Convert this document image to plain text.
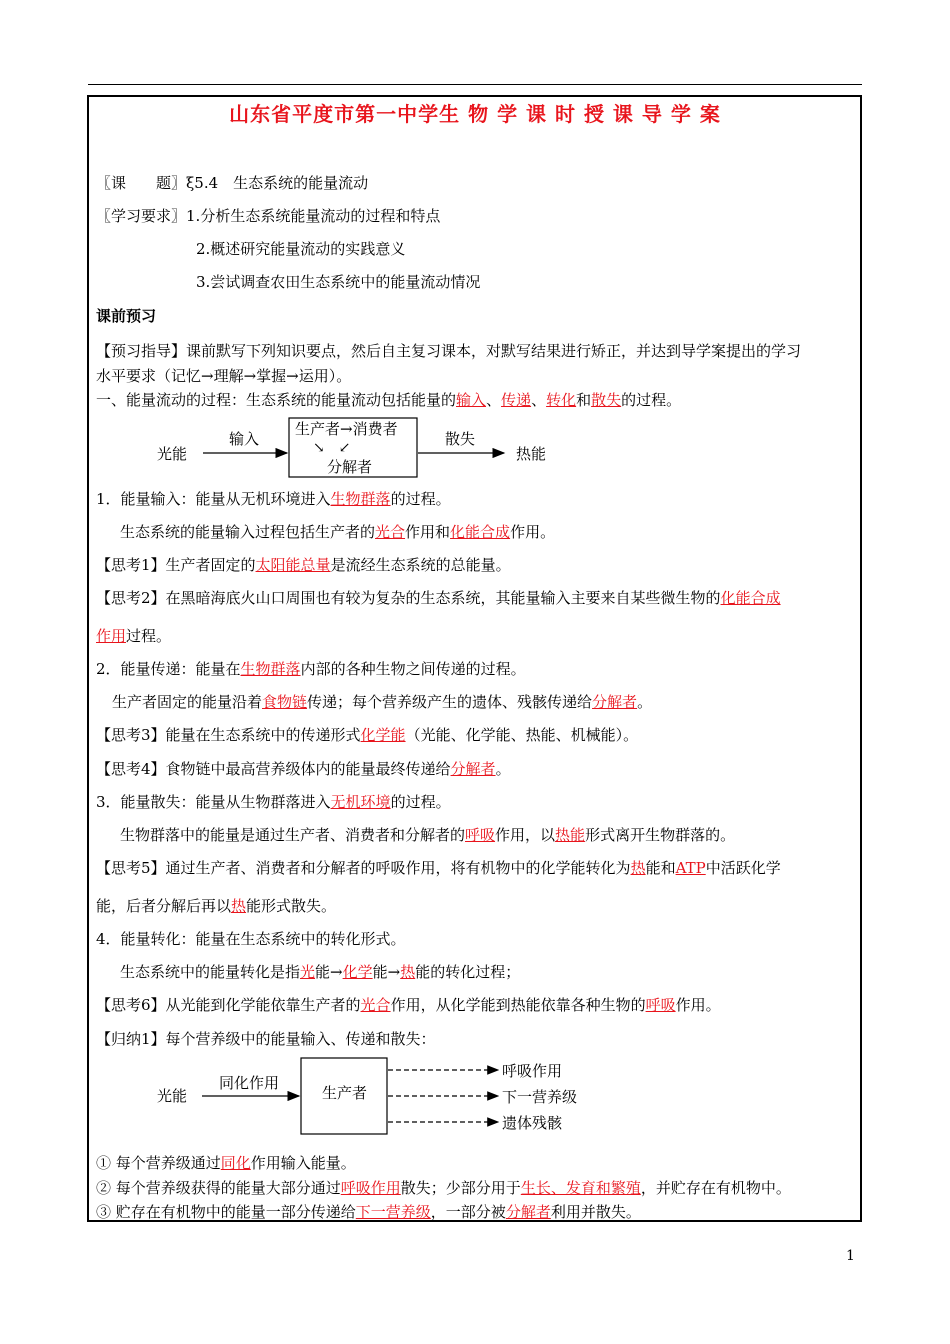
山东省平度市第一中学生 物 学 课 时 授 课 导 学 案
〖课　　题〗ξ5.4　生态系统的能量流动
〖学习要求〗1.分析生态系统能量流动的过程和特点
2.概述研究能量流动的实践意义
3.尝试调查农田生态系统中的能量流动情况
课前预习
【预习指导】课前默写下列知识要点，然后自主复习课本，对默写结果进行矫正，并达到导学案提出的学习
水平要求（记忆→理解→掌握→运用）。
一、能量流动的过程：生态系统的能量流动包括能量的输入、传递、转化和散失的过程。
光能
输入
生产者→消费者
↘　↙
分解者
散失
热能
光能
同化作用
生产者
呼吸作用
下一营养级
遗体残骸
1．能量输入：能量从无机环境进入生物群落的过程。
生态系统的能量输入过程包括生产者的光合作用和化能合成作用。
【思考1】生产者固定的太阳能总量是流经生态系统的总能量。
【思考2】在黑暗海底火山口周围也有较为复杂的生态系统，其能量输入主要来自某些微生物的化能合成
作用过程。
2．能量传递：能量在生物群落内部的各种生物之间传递的过程。
生产者固定的能量沿着食物链传递；每个营养级产生的遗体、残骸传递给分解者。
【思考3】能量在生态系统中的传递形式化学能（光能、化学能、热能、机械能）。
【思考4】食物链中最高营养级体内的能量最终传递给分解者。
3．能量散失：能量从生物群落进入无机环境的过程。
生物群落中的能量是通过生产者、消费者和分解者的呼吸作用，以热能形式离开生物群落的。
【思考5】通过生产者、消费者和分解者的呼吸作用，将有机物中的化学能转化为热能和ATP中活跃化学
能，后者分解后再以热能形式散失。
4．能量转化：能量在生态系统中的转化形式。
生态系统中的能量转化是指光能→化学能→热能的转化过程；
【思考6】从光能到化学能依靠生产者的光合作用，从化学能到热能依靠各种生物的呼吸作用。
【归纳1】每个营养级中的能量输入、传递和散失：
① 每个营养级通过同化作用输入能量。
② 每个营养级获得的能量大部分通过呼吸作用散失；少部分用于生长、发育和繁殖，并贮存在有机物中。
③ 贮存在有机物中的能量一部分传递给下一营养级，一部分被分解者利用并散失。
1
